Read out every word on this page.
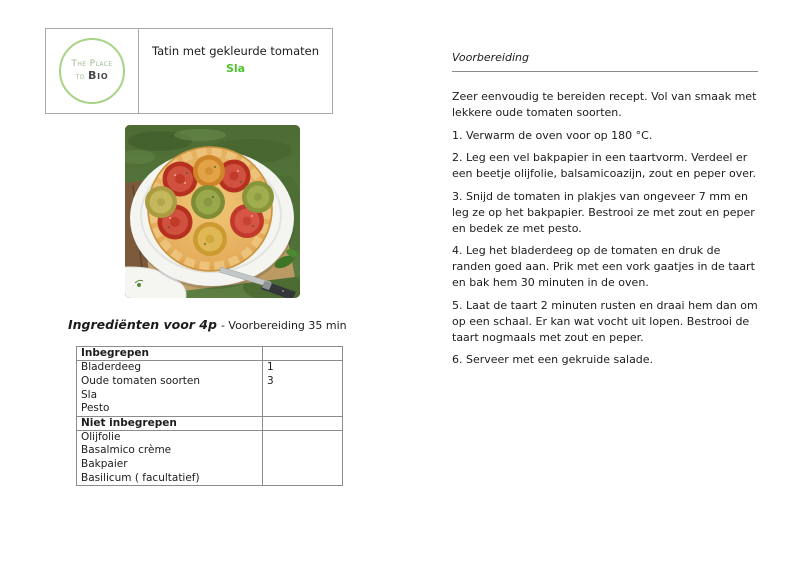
The Place
to Bio
Tatin met gekleurde tomaten
Sla
Ingrediënten voor 4p - Voorbereiding 35 min
Inbegrepen	
Bladerdeeg	1
Oude tomaten soorten	3
Sla	
Pesto	
Niet inbegrepen	
Olijfolie	
Basalmico crème	
Bakpaier	
Basilicum ( facultatief)	
Voorbereiding

Zeer eenvoudig te bereiden recept. Vol van smaak met lekkere oude tomaten soorten.

1. Verwarm de oven voor op 180 °C.

2. Leg een vel bakpapier in een taartvorm. Verdeel er een beetje olijfolie, balsamicoazijn, zout en peper over.

3. Snijd de tomaten in plakjes van ongeveer 7 mm en leg ze op het bakpapier. Bestrooi ze met zout en peper en bedek ze met pesto.

4. Leg het bladerdeeg op de tomaten en druk de randen goed aan. Prik met een vork gaatjes in de taart en bak hem 30 minuten in de oven.

5. Laat de taart 2 minuten rusten en draai hem dan om op een schaal. Er kan wat vocht uit lopen. Bestrooi de taart nogmaals met zout en peper.

6. Serveer met een gekruide salade.
